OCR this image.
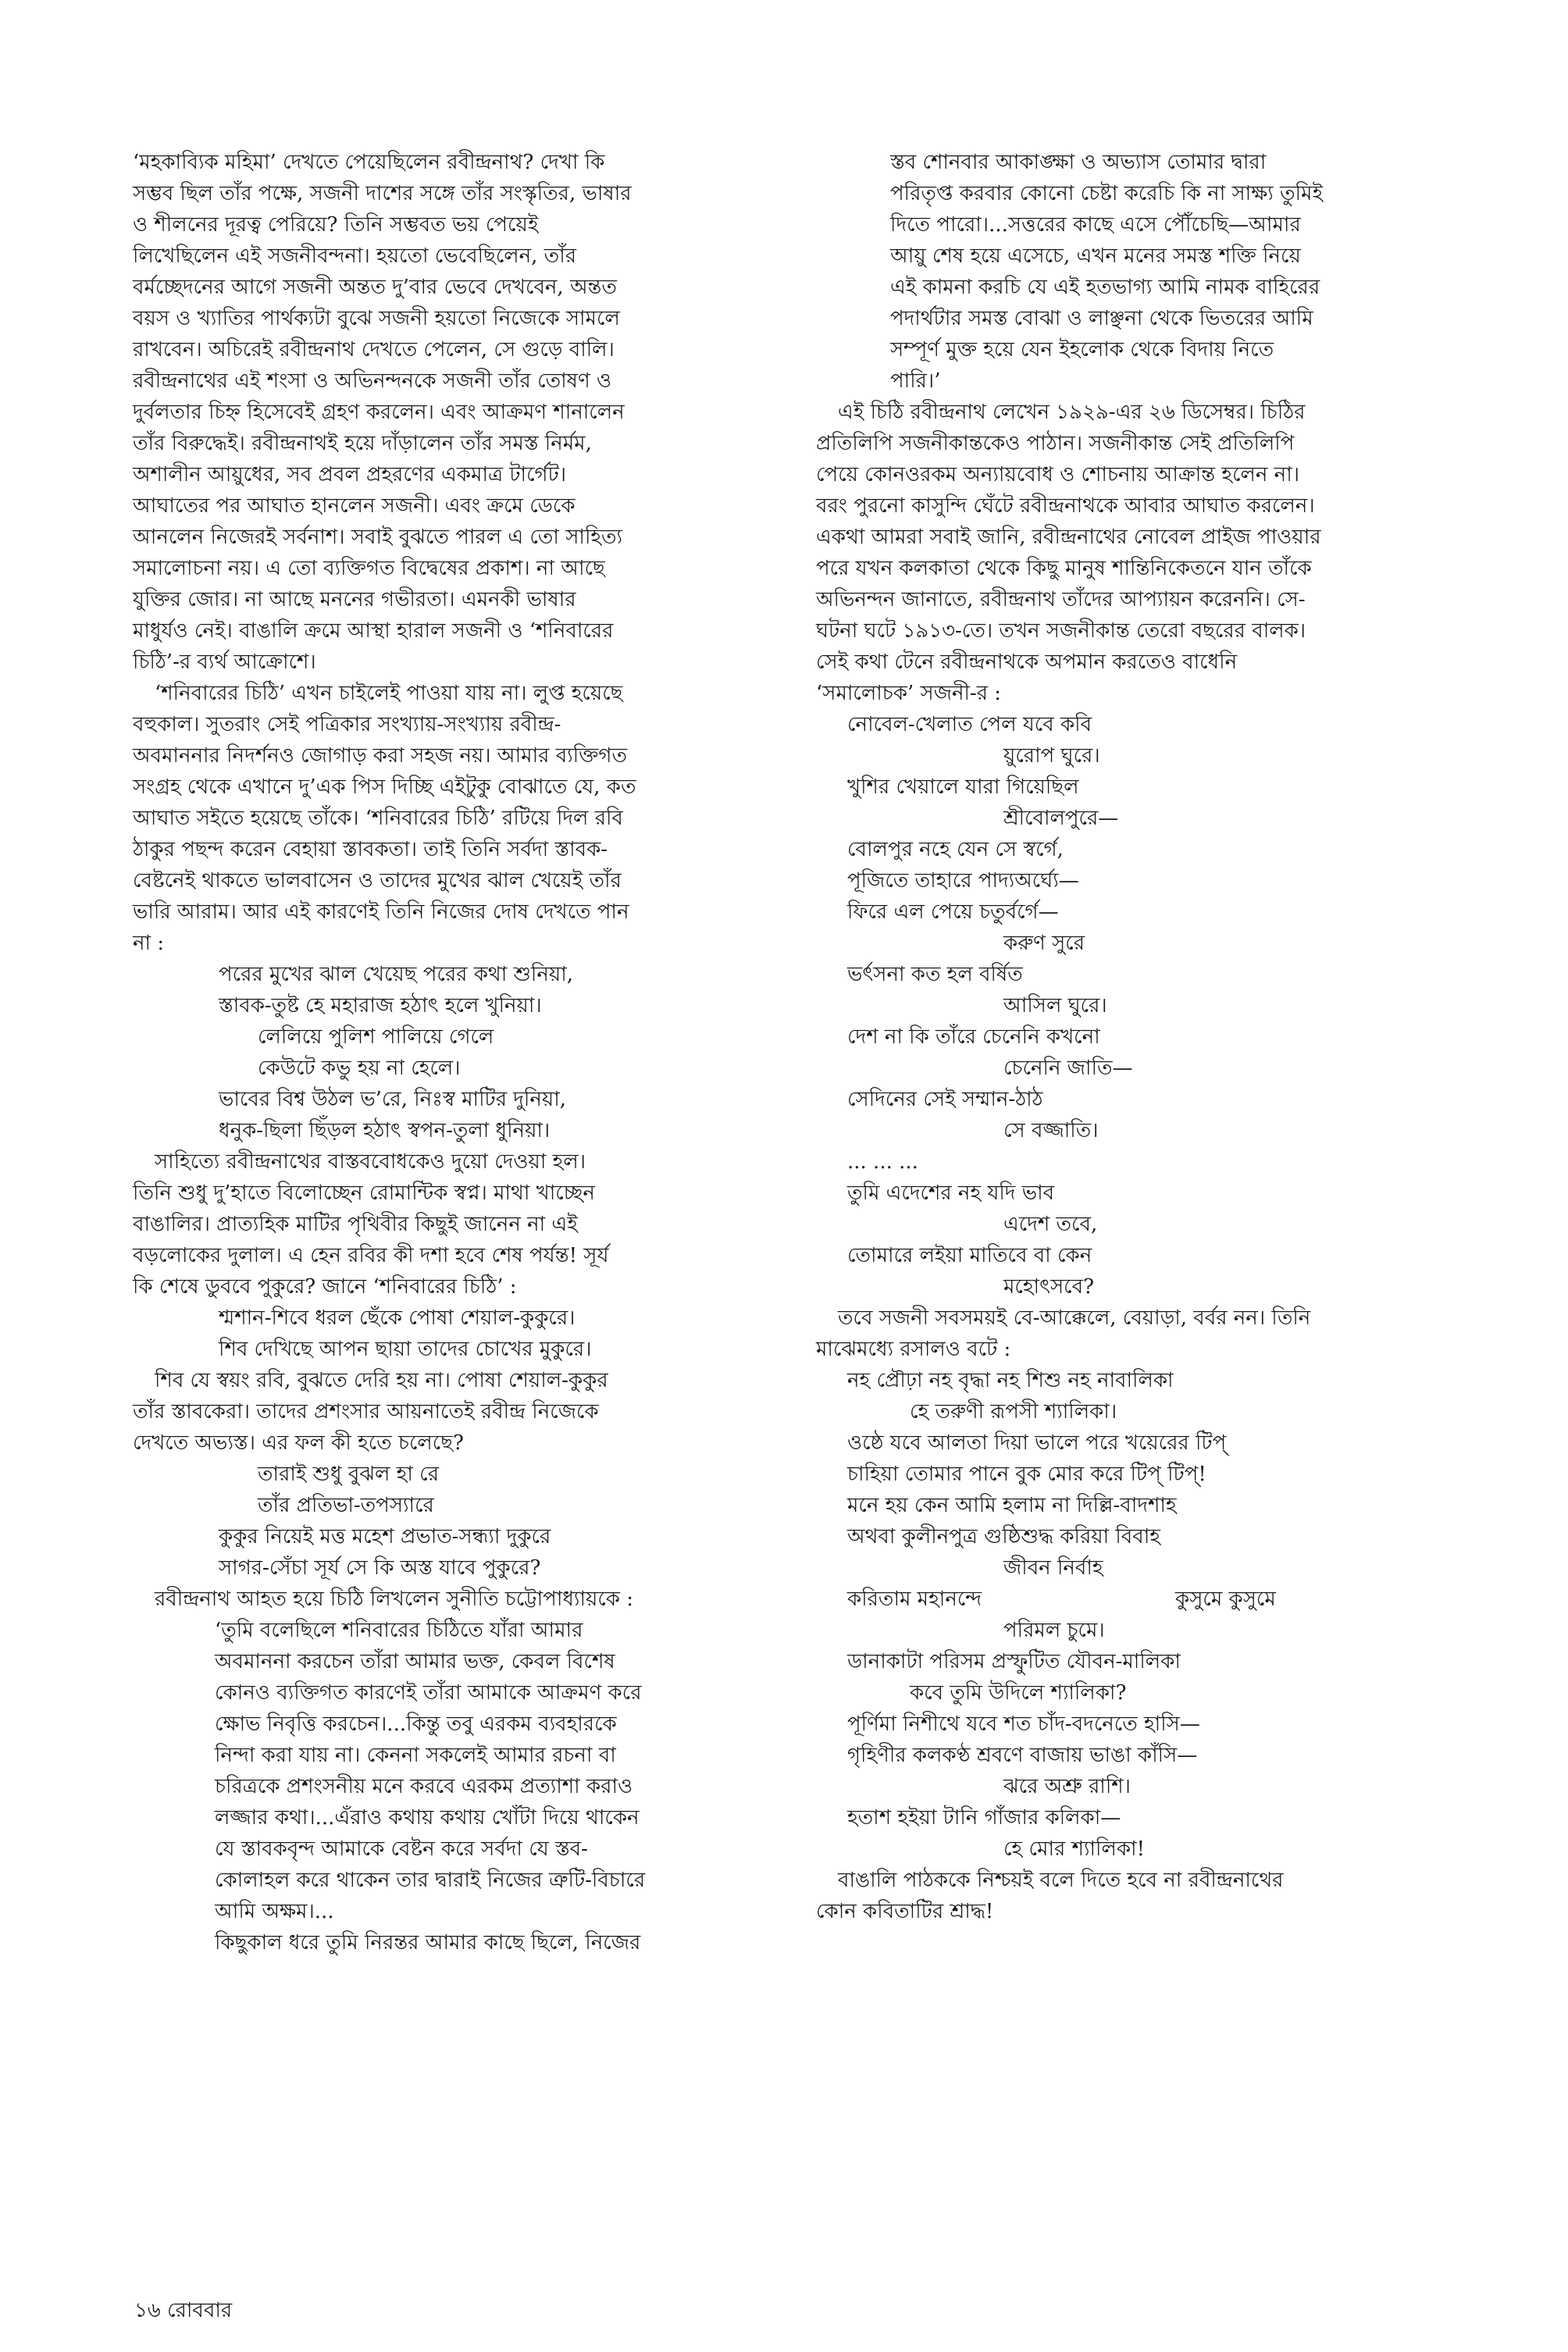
‘মহকাব্যিক মহিমা’ দেখতে পেয়েছিলেন রবীন্দ্রনাথ? দেখা কি
সম্ভব ছিল তাঁর পক্ষে, সজনী দাশের সঙ্গে তাঁর সংস্কৃতির, ভাষার
ও শীলনের দূরত্ব পেরিয়ে? তিনি সম্ভবত ভয় পেয়েই
লিখেছিলেন এই সজনীবন্দনা। হয়তো ভেবেছিলেন, তাঁর
বর্মচ্ছেদনের আগে সজনী অন্তত দু’বার ভেবে দেখবেন, অন্তত
বয়স ও খ্যাতির পার্থক্যটা বুঝে সজনী হয়তো নিজেকে সামলে
রাখবেন। অচিরেই রবীন্দ্রনাথ দেখতে পেলেন, সে গুড়ে বালি।
রবীন্দ্রনাথের এই শংসা ও অভিনন্দনকে সজনী তাঁর তোষণ ও
দুর্বলতার চিহ্ন হিসেবেই গ্রহণ করলেন। এবং আক্রমণ শানালেন
তাঁর বিরুদ্ধেই। রবীন্দ্রনাথই হয়ে দাঁড়ালেন তাঁর সমস্ত নির্মম,
অশালীন আয়ুধের, সব প্রবল প্রহরণের একমাত্র টার্গেট।
আঘাতের পর আঘাত হানলেন সজনী। এবং ক্রমে ডেকে
আনলেন নিজেরই সর্বনাশ। সবাই বুঝতে পারল এ তো সাহিত্য
সমালোচনা নয়। এ তো ব্যক্তিগত বিদ্বেষের প্রকাশ। না আছে
যুক্তির জোর। না আছে মননের গভীরতা। এমনকী ভাষার
মাধুর্যও নেই। বাঙালি ক্রমে আস্থা হারাল সজনী ও ‘শনিবারের
চিঠি’-র ব্যর্থ আক্রোশে।
‘শনিবারের চিঠি’ এখন চাইলেই পাওয়া যায় না। লুপ্ত হয়েছে
বহুকাল। সুতরাং সেই পত্রিকার সংখ্যায়-সংখ্যায় রবীন্দ্র-
অবমাননার নিদর্শনও জোগাড় করা সহজ নয়। আমার ব্যক্তিগত
সংগ্রহ থেকে এখানে দু’এক পিস দিচ্ছি এইটুকু বোঝাতে যে, কত
আঘাত সইতে হয়েছে তাঁকে। ‘শনিবারের চিঠি’ রটিয়ে দিল রবি
ঠাকুর পছন্দ করেন বেহায়া স্তাবকতা। তাই তিনি সর্বদা স্তাবক-
বেষ্টনেই থাকতে ভালবাসেন ও তাদের মুখের ঝাল খেয়েই তাঁর
ভারি আরাম। আর এই কারণেই তিনি নিজের দোষ দেখতে পান
না :
পরের মুখের ঝাল খেয়েছ পরের কথা শুনিয়া,
স্তাবক-তুষ্ট হে মহারাজ হঠাৎ হলে খুনিয়া।
লেলিয়ে পুলিশ পালিয়ে গেলে
কেউটে কভু হয় না হেলে।
ভাবের বিশ্ব উঠল ভ’রে, নিঃস্ব মাটির দুনিয়া,
ধনুক-ছিলা ছিঁড়ল হঠাৎ স্বপন-তুলা ধুনিয়া।
সাহিত্যে রবীন্দ্রনাথের বাস্তববোধকেও দুয়ো দেওয়া হল।
তিনি শুধু দু’হাতে বিলোচ্ছেন রোমান্টিক স্বপ্ন। মাথা খাচ্ছেন
বাঙালির। প্রাত্যহিক মাটির পৃথিবীর কিছুই জানেন না এই
বড়লোকের দুলাল। এ হেন রবির কী দশা হবে শেষ পর্যন্ত! সূর্য
কি শেষে ডুববে পুকুরে? জানে ‘শনিবারের চিঠি’ :
শ্মশান-শিবে ধরল ছেঁকে পোষা শেয়াল-কুকুরে।
শিব দেখিছে আপন ছায়া তাদের চোখের মুকুরে।
শিব যে স্বয়ং রবি, বুঝতে দেরি হয় না। পোষা শেয়াল-কুকুর
তাঁর স্তাবকেরা। তাদের প্রশংসার আয়নাতেই রবীন্দ্র নিজেকে
দেখতে অভ্যস্ত। এর ফল কী হতে চলেছে?
তারাই শুধু বুঝল হা রে
তাঁর প্রতিভা-তপস্যারে
কুকুর নিয়েই মত্ত মহেশ প্রভাত-সন্ধ্যা দুকুরে
সাগর-সেঁচা সূর্য সে কি অস্ত যাবে পুকুরে?
রবীন্দ্রনাথ আহত হয়ে চিঠি লিখলেন সুনীতি চট্টোপাধ্যায়কে :
‘তুমি বলেছিলে শনিবারের চিঠিতে যাঁরা আমার
অবমাননা করচেন তাঁরা আমার ভক্ত, কেবল বিশেষ
কোনও ব্যক্তিগত কারণেই তাঁরা আমাকে আক্রমণ করে
ক্ষোভ নিবৃত্তি করচেন।...কিন্তু তবু এরকম ব্যবহারকে
নিন্দা করা যায় না। কেননা সকলেই আমার রচনা বা
চরিত্রকে প্রশংসনীয় মনে করবে এরকম প্রত্যাশা করাও
লজ্জার কথা।...এঁরাও কথায় কথায় খোঁটা দিয়ে থাকেন
যে স্তাবকবৃন্দ আমাকে বেষ্টন করে সর্বদা যে স্তব-
কোলাহল করে থাকেন তার দ্বারাই নিজের ত্রুটি-বিচারে
আমি অক্ষম।...
কিছুকাল ধরে তুমি নিরন্তর আমার কাছে ছিলে, নিজের
স্তব শোনবার আকাঙ্ক্ষা ও অভ্যাস তোমার দ্বারা
পরিতৃপ্ত করবার কোনো চেষ্টা করেচি কি না সাক্ষ্য তুমিই
দিতে পারো।...সত্তরের কাছে এসে পৌঁচেছি—আমার
আয়ু শেষ হয়ে এসেচে, এখন মনের সমস্ত শক্তি নিয়ে
এই কামনা করচি যে এই হতভাগ্য আমি নামক বাহিরের
পদার্থটার সমস্ত বোঝা ও লাঞ্ছনা থেকে ভিতরের আমি
সম্পূর্ণ মুক্ত হয়ে যেন ইহলোক থেকে বিদায় নিতে
পারি।’
এই চিঠি রবীন্দ্রনাথ লেখেন ১৯২৯-এর ২৬ ডিসেম্বর। চিঠির
প্রতিলিপি সজনীকান্তকেও পাঠান। সজনীকান্ত সেই প্রতিলিপি
পেয়ে কোনওরকম অন্যায়বোধ ও শোচনায় আক্রান্ত হলেন না।
বরং পুরনো কাসুন্দি ঘেঁটে রবীন্দ্রনাথকে আবার আঘাত করলেন।
একথা আমরা সবাই জানি, রবীন্দ্রনাথের নোবেল প্রাইজ পাওয়ার
পরে যখন কলকাতা থেকে কিছু মানুষ শান্তিনিকেতনে যান তাঁকে
অভিনন্দন জানাতে, রবীন্দ্রনাথ তাঁদের আপ্যায়ন করেননি। সে-
ঘটনা ঘটে ১৯১৩-তে। তখন সজনীকান্ত তেরো বছরের বালক।
সেই কথা টেনে রবীন্দ্রনাথকে অপমান করতেও বাধেনি
‘সমালোচক’ সজনী-র :
নোবেল-খেলাত পেল যবে কবি
য়ুরোপ ঘুরে।
খুশির খেয়ালে যারা গিয়েছিল
শ্রীবোলপুরে—
বোলপুর নহে যেন সে স্বর্গে,
পূজিতে তাহারে পাদ্যঅর্ঘ্যে—
ফিরে এল পেয়ে চতুর্বর্গে—
করুণ সুরে
ভর্ৎসনা কত হল বর্ষিত
আসিল ঘুরে।
দেশ না কি তাঁরে চেনেনি কখনো
চেনেনি জাতি—
সেদিনের সেই সম্মান-ঠাঠ
সে বজ্জাতি।
... ... ...
তুমি এদেশের নহ যদি ভাব
এদেশ তবে,
তোমারে লইয়া মাতিবে বা কেন
মহোৎসবে?
তবে সজনী সবসময়ই বে-আক্কেলে, বেয়াড়া, বর্বর নন। তিনি
মাঝেমধ্যে রসালও বটে :
নহ প্রৌঢ়া নহ বৃদ্ধা নহ শিশু নহ নাবালিকা
হে তরুণী রূপসী শ্যালিকা।
ওষ্ঠে যবে আলতা দিয়া ভালে পরে খয়েরের টিপ্
চাহিয়া তোমার পানে বুক মোর করে টিপ্ টিপ্!
মনে হয় কেন আমি হলাম না দিল্লি-বাদশাহ
অথবা কুলীনপুত্র গুষ্ঠিশুদ্ধ করিয়া বিবাহ
জীবন নির্বাহ
করিতাম মহানন্দে	কুসুমে কুসুমে
পরিমল চুমে।
ডানাকাটা পরিসম প্রস্ফুটিত যৌবন-মালিকা
কবে তুমি উদিলে শ্যালিকা?
পূর্ণিমা নিশীথে যবে শত চাঁদ-বদনেতে হাসি—
গৃহিণীর কলকণ্ঠ শ্রবণে বাজায় ভাঙা কাঁসি—
ঝরে অশ্রু রাশি।
হতাশ হইয়া টানি গাঁজার কলিকা—
হে মোর শ্যালিকা!
বাঙালি পাঠককে নিশ্চয়ই বলে দিতে হবে না রবীন্দ্রনাথের
কোন কবিতাটির শ্রাদ্ধ!
১৬ রোববার
